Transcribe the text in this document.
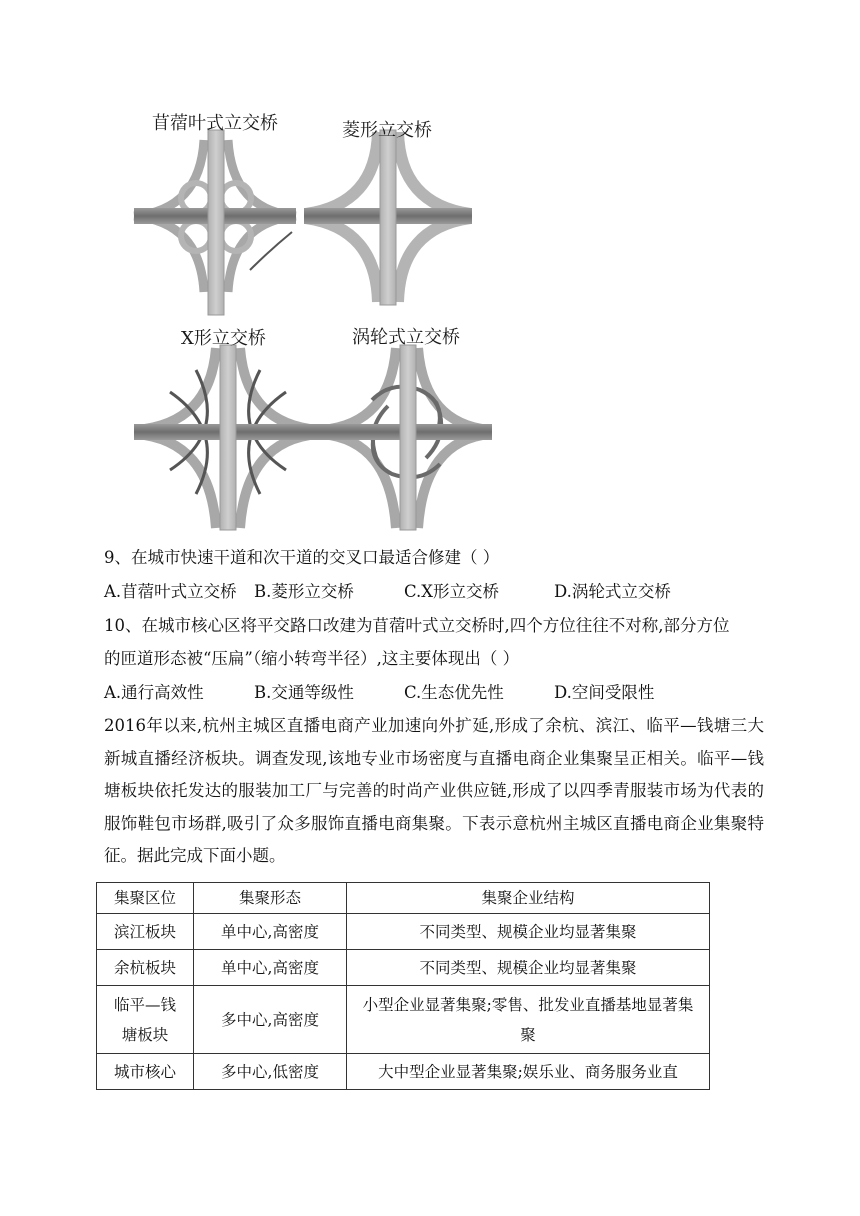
苜蓿叶式立交桥	菱形立交桥
X形立交桥	涡轮式立交桥
9、在城市快速干道和次干道的交叉口最适合修建（ ）
A.苜蓿叶式立交桥 B.菱形立交桥	C.X形立交桥	D.涡轮式立交桥
10、在城市核心区将平交路口改建为苜蓿叶式立交桥时,四个方位往往不对称,部分方位
的匝道形态被“压扁”（缩小转弯半径）,这主要体现出（ ）
A.通行高效性	B.交通等级性	C.生态优先性	D.空间受限性
2016年以来,杭州主城区直播电商产业加速向外扩延,形成了余杭、滨江、临平—钱塘三大新城直播经济板块。调查发现,该地专业市场密度与直播电商企业集聚呈正相关。临平—钱塘板块依托发达的服装加工厂与完善的时尚产业供应链,形成了以四季青服装市场为代表的服饰鞋包市场群,吸引了众多服饰直播电商集聚。下表示意杭州主城区直播电商企业集聚特征。据此完成下面小题。
集聚区位	集聚形态	集聚企业结构
滨江板块	单中心,高密度	不同类型、规模企业均显著集聚
余杭板块	单中心,高密度	不同类型、规模企业均显著集聚
临平—钱塘板块	多中心,高密度	小型企业显著集聚;零售、批发业直播基地显著集聚
城市核心	多中心,低密度	大中型企业显著集聚;娱乐业、商务服务业直
